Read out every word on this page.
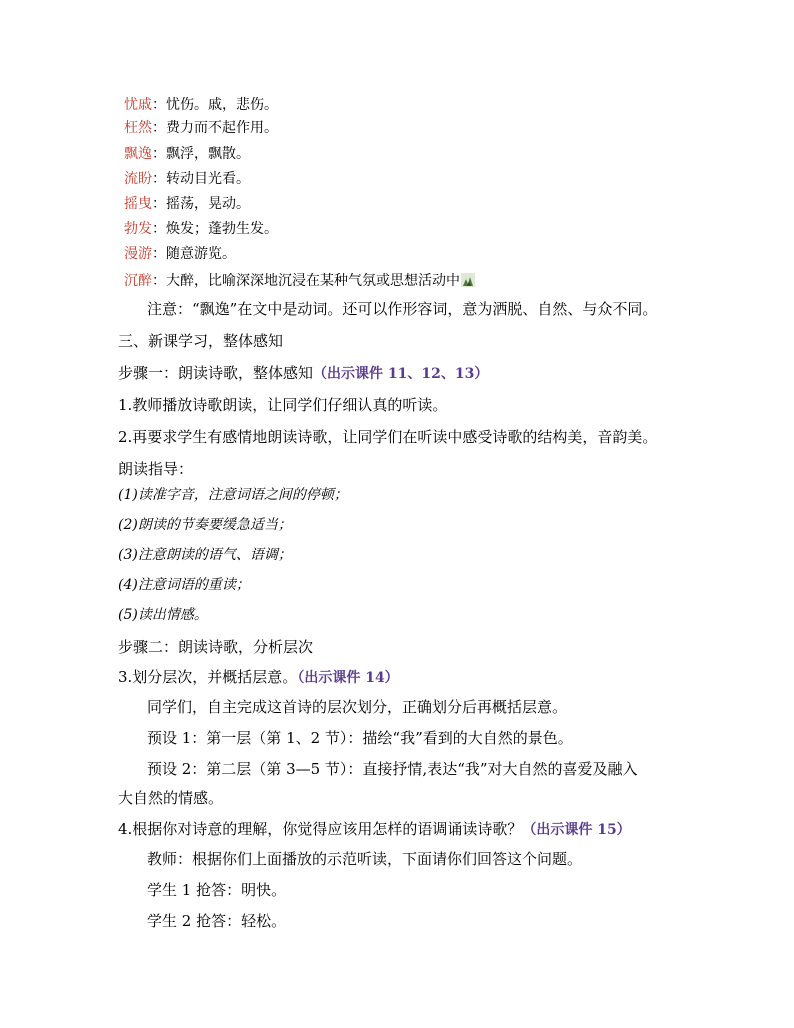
忧戚：忧伤。戚，悲伤。
枉然：费力而不起作用。
飘逸：飘浮，飘散。
流盼：转动目光看。
摇曳：摇荡，晃动。
勃发：焕发；蓬勃生发。
漫游：随意游览。
沉醉：大醉，比喻深深地沉浸在某种气氛或思想活动中
注意：“飘逸”在文中是动词。还可以作形容词，意为洒脱、自然、与众不同。
三、新课学习，整体感知
步骤一：朗读诗歌，整体感知（出示课件 11、12、13）
1.教师播放诗歌朗读，让同学们仔细认真的听读。
2.再要求学生有感情地朗读诗歌，让同学们在听读中感受诗歌的结构美，音韵美。
朗读指导：
(1)读准字音，注意词语之间的停顿；
(2)朗读的节奏要缓急适当；
(3)注意朗读的语气、语调；
(4)注意词语的重读；
(5)读出情感。
步骤二：朗读诗歌，分析层次
3.划分层次，并概括层意。（出示课件 14）
同学们，自主完成这首诗的层次划分，正确划分后再概括层意。
预设 1：第一层（第 1、2 节）：描绘“我”看到的大自然的景色。
预设 2：第二层（第 3—5 节）：直接抒情,表达“我”对大自然的喜爱及融入
大自然的情感。
4.根据你对诗意的理解，你觉得应该用怎样的语调诵读诗歌？（出示课件 15）
教师：根据你们上面播放的示范听读，下面请你们回答这个问题。
学生 1 抢答：明快。
学生 2 抢答：轻松。
